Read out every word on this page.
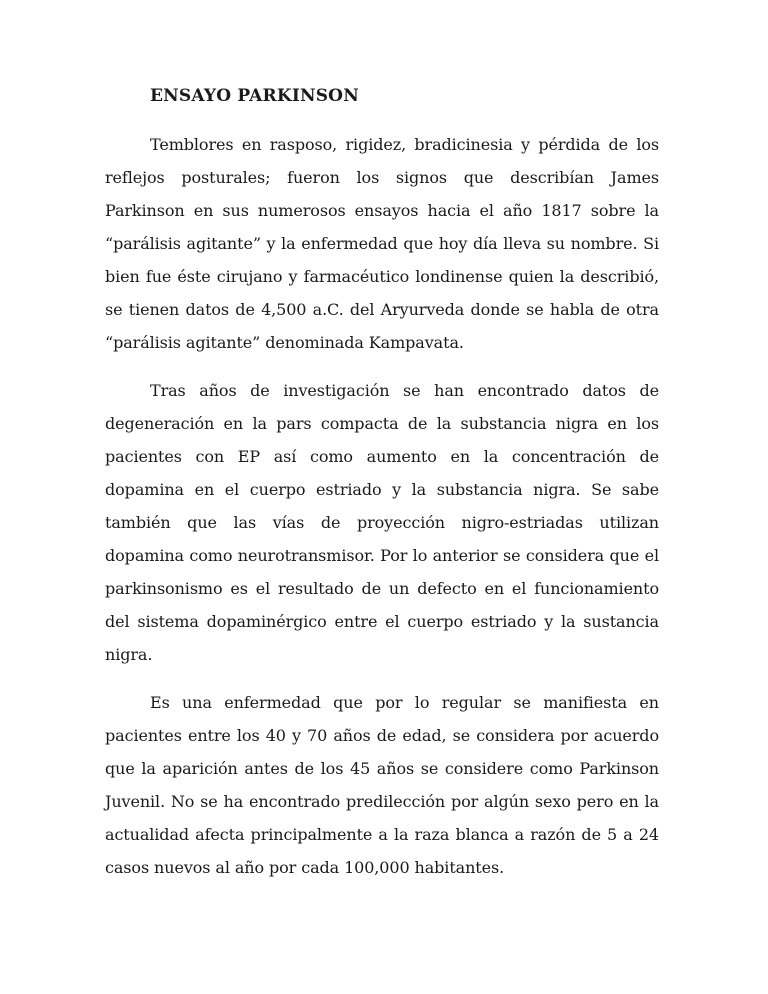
ENSAYO PARKINSON

Temblores en rasposo, rigidez, bradicinesia y pérdida de los reflejos posturales; fueron los signos que describían James Parkinson en sus numerosos ensayos hacia el año 1817 sobre la “parálisis agitante” y la enfermedad que hoy día lleva su nombre. Si bien fue éste cirujano y farmacéutico londinense quien la describió, se tienen datos de 4,500 a.C. del Aryurveda donde se habla de otra “parálisis agitante” denominada Kampavata.

Tras años de investigación se han encontrado datos de degeneración en la pars compacta de la substancia nigra en los pacientes con EP así como aumento en la concentración de dopamina en el cuerpo estriado y la substancia nigra. Se sabe también que las vías de proyección nigro-estriadas utilizan dopamina como neurotransmisor. Por lo anterior se considera que el parkinsonismo es el resultado de un defecto en el funcionamiento del sistema dopaminérgico entre el cuerpo estriado y la sustancia nigra.

Es una enfermedad que por lo regular se manifiesta en pacientes entre los 40 y 70 años de edad, se considera por acuerdo que la aparición antes de los 45 años se considere como Parkinson Juvenil. No se ha encontrado predilección por algún sexo pero en la actualidad afecta principalmente a la raza blanca a razón de 5 a 24 casos nuevos al año por cada 100,000 habitantes.
